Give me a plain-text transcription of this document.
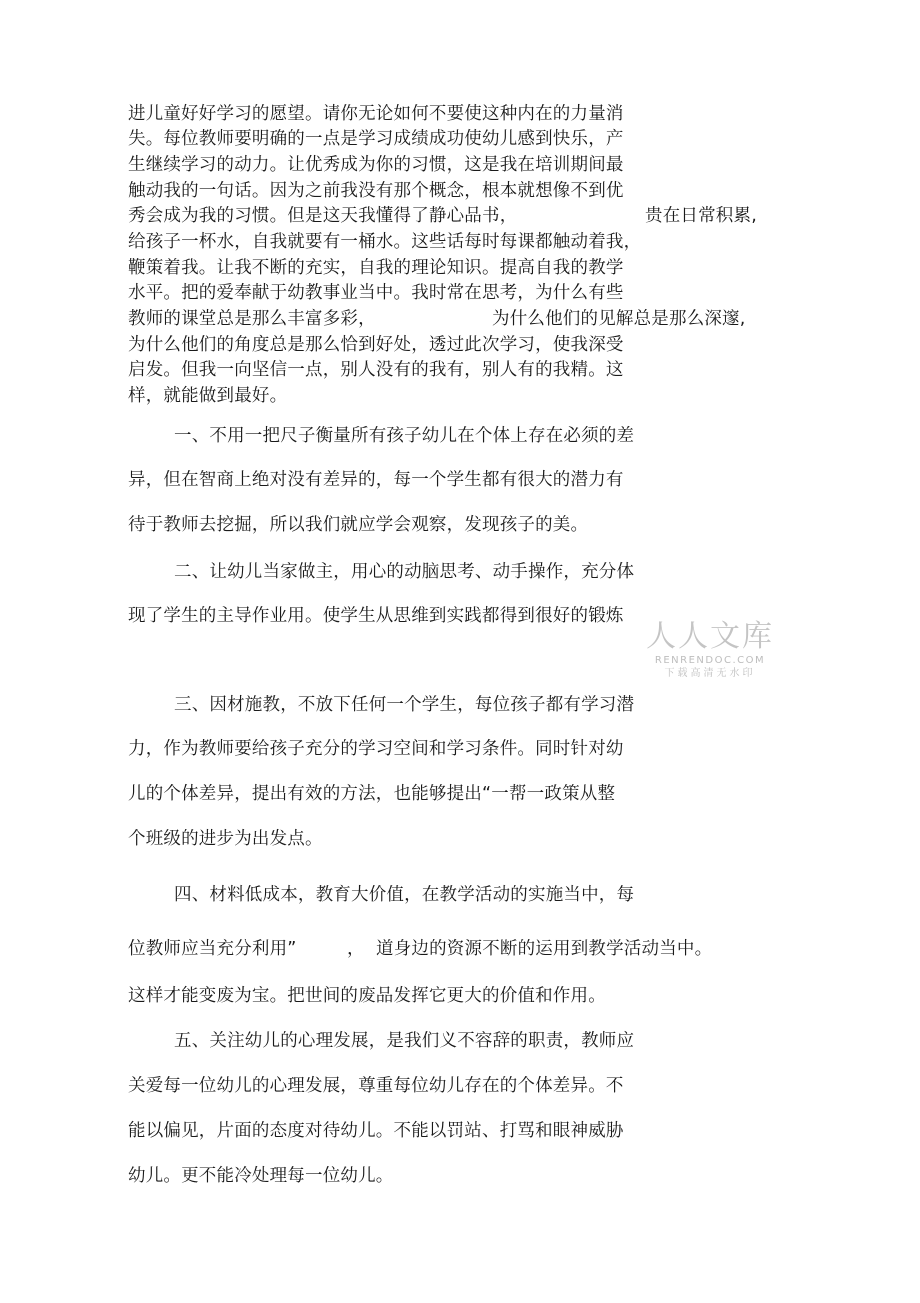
进儿童好好学习的愿望。请你无论如何不要使这种内在的力量消
失。每位教师要明确的一点是学习成绩成功使幼儿感到快乐，产
生继续学习的动力。让优秀成为你的习惯，这是我在培训期间最
触动我的一句话。因为之前我没有那个概念，根本就想像不到优
秀会成为我的习惯。但是这天我懂得了静心品书，	贵在日常积累,
给孩子一杯水，自我就要有一桶水。这些话每时每课都触动着我，
鞭策着我。让我不断的充实，自我的理论知识。提高自我的教学
水平。把的爱奉献于幼教事业当中。我时常在思考，为什么有些
教师的课堂总是那么丰富多彩，	为什么他们的见解总是那么深邃,
为什么他们的角度总是那么恰到好处，透过此次学习，使我深受
启发。但我一向坚信一点，别人没有的我有，别人有的我精。这
样，就能做到最好。
一、不用一把尺子衡量所有孩子幼儿在个体上存在必须的差
异，但在智商上绝对没有差异的，每一个学生都有很大的潜力有
待于教师去挖掘，所以我们就应学会观察，发现孩子的美。
二、让幼儿当家做主，用心的动脑思考、动手操作，充分体
现了学生的主导作业用。使学生从思维到实践都得到很好的锻炼
三、因材施教，不放下任何一个学生，每位孩子都有学习潜
力，作为教师要给孩子充分的学习空间和学习条件。同时针对幼
儿的个体差异，提出有效的方法，也能够提出“一帮一政策从整
个班级的进步为出发点。
四、材料低成本，教育大价值，在教学活动的实施当中，每
位教师应当充分利用”	， 道身边的资源不断的运用到教学活动当中。
这样才能变废为宝。把世间的废品发挥它更大的价值和作用。
五、关注幼儿的心理发展，是我们义不容辞的职责，教师应
关爱每一位幼儿的心理发展，尊重每位幼儿存在的个体差异。不
能以偏见，片面的态度对待幼儿。不能以罚站、打骂和眼神威胁
幼儿。更不能冷处理每一位幼儿。
人人文库
RENRENDOC.COM
下载高清无水印
